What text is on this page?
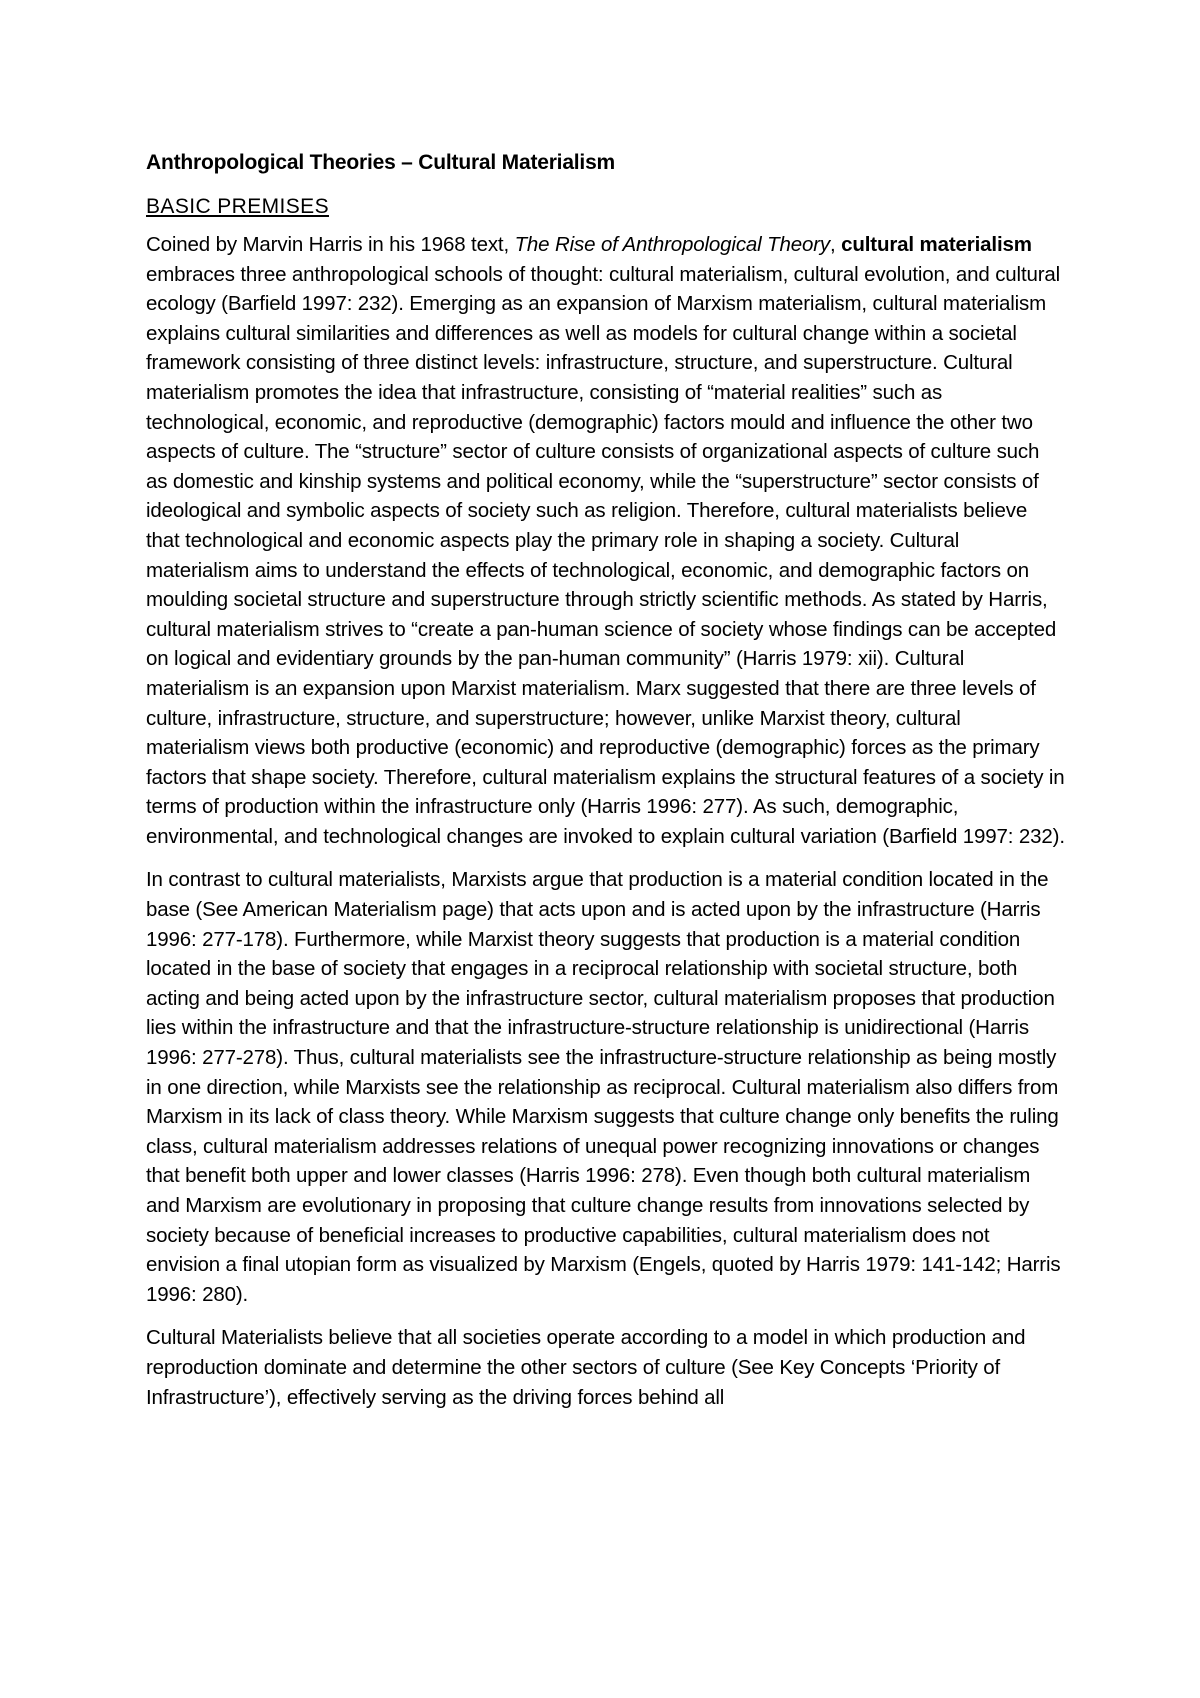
Anthropological Theories – Cultural Materialism
BASIC PREMISES

Coined by Marvin Harris in his 1968 text, The Rise of Anthropological Theory, cultural materialism embraces three anthropological schools of thought: cultural materialism, cultural evolution, and cultural ecology (Barfield 1997: 232). Emerging as an expansion of Marxism materialism, cultural materialism explains cultural similarities and differences as well as models for cultural change within a societal framework consisting of three distinct levels: infrastructure, structure, and superstructure. Cultural materialism promotes the idea that infrastructure, consisting of “material realities” such as technological, economic, and reproductive (demographic) factors mould and influence the other two aspects of culture. The “structure” sector of culture consists of organizational aspects of culture such as domestic and kinship systems and political economy, while the “superstructure” sector consists of ideological and symbolic aspects of society such as religion. Therefore, cultural materialists believe that technological and economic aspects play the primary role in shaping a society. Cultural materialism aims to understand the effects of technological, economic, and demographic factors on moulding societal structure and superstructure through strictly scientific methods. As stated by Harris, cultural materialism strives to “create a pan-human science of society whose findings can be accepted on logical and evidentiary grounds by the pan-human community” (Harris 1979: xii). Cultural materialism is an expansion upon Marxist materialism. Marx suggested that there are three levels of culture, infrastructure, structure, and superstructure; however, unlike Marxist theory, cultural materialism views both productive (economic) and reproductive (demographic) forces as the primary factors that shape society. Therefore, cultural materialism explains the structural features of a society in terms of production within the infrastructure only (Harris 1996: 277). As such, demographic, environmental, and technological changes are invoked to explain cultural variation (Barfield 1997: 232).

In contrast to cultural materialists, Marxists argue that production is a material condition located in the base (See American Materialism page) that acts upon and is acted upon by the infrastructure (Harris 1996: 277-178). Furthermore, while Marxist theory suggests that production is a material condition located in the base of society that engages in a reciprocal relationship with societal structure, both acting and being acted upon by the infrastructure sector, cultural materialism proposes that production lies within the infrastructure and that the infrastructure-structure relationship is unidirectional (Harris 1996: 277-278). Thus, cultural materialists see the infrastructure-structure relationship as being mostly in one direction, while Marxists see the relationship as reciprocal. Cultural materialism also differs from Marxism in its lack of class theory. While Marxism suggests that culture change only benefits the ruling class, cultural materialism addresses relations of unequal power recognizing innovations or changes that benefit both upper and lower classes (Harris 1996: 278). Even though both cultural materialism and Marxism are evolutionary in proposing that culture change results from innovations selected by society because of beneficial increases to productive capabilities, cultural materialism does not envision a final utopian form as visualized by Marxism (Engels, quoted by Harris 1979: 141-142; Harris 1996: 280).

Cultural Materialists believe that all societies operate according to a model in which production and reproduction dominate and determine the other sectors of culture (See Key Concepts ‘Priority of Infrastructure’), effectively serving as the driving forces behind all
